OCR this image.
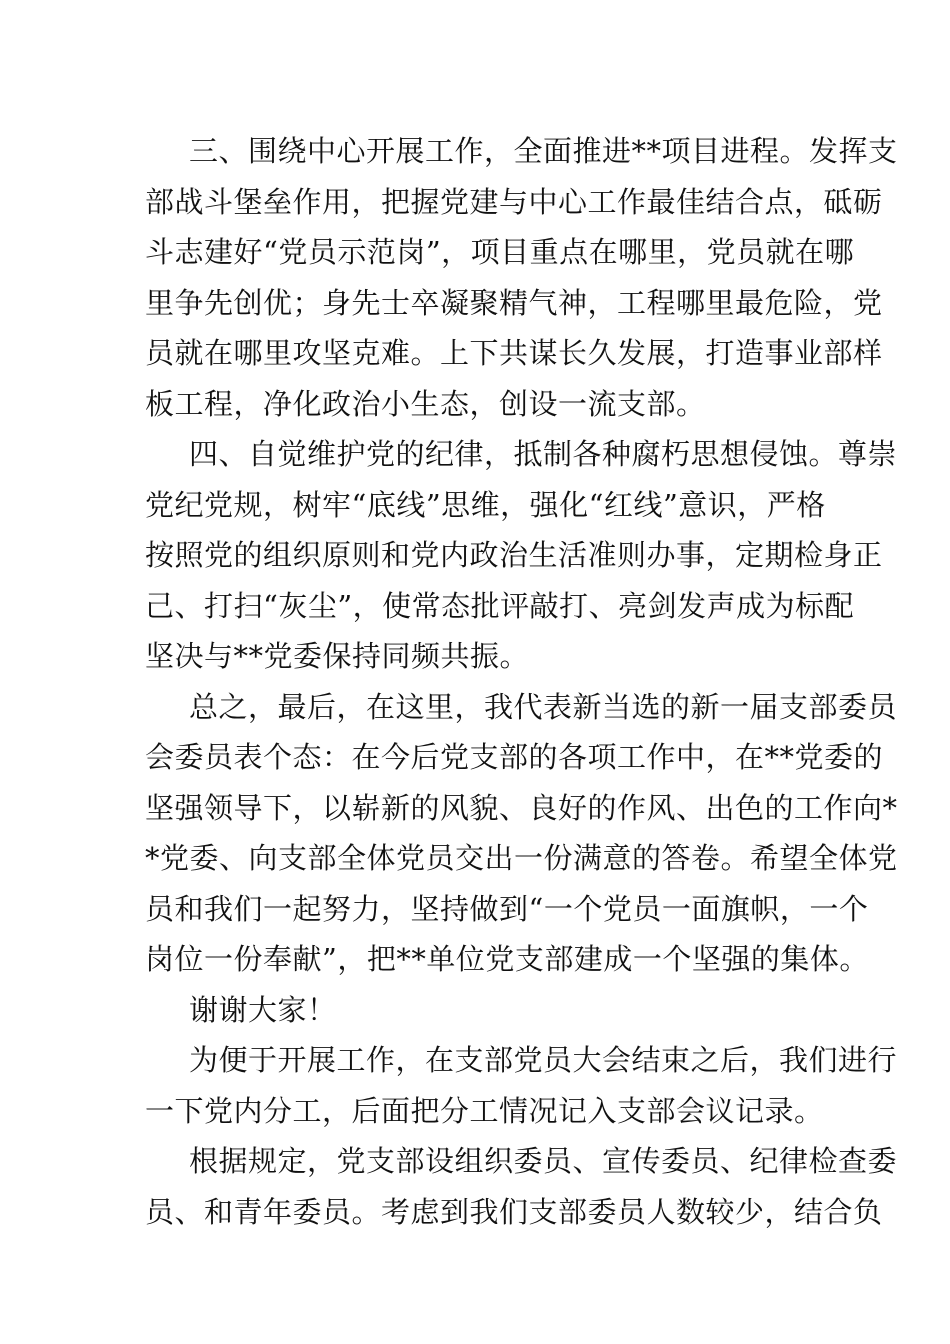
三、围绕中心开展工作，全面推进**项目进程。发挥支
部战斗堡垒作用，把握党建与中心工作最佳结合点，砥砺
斗志建好“党员示范岗”，项目重点在哪里，党员就在哪
里争先创优；身先士卒凝聚精气神，工程哪里最危险，党
员就在哪里攻坚克难。上下共谋长久发展，打造事业部样
板工程，净化政治小生态，创设一流支部。
四、自觉维护党的纪律，抵制各种腐朽思想侵蚀。尊崇
党纪党规，树牢“底线”思维，强化“红线”意识，严格
按照党的组织原则和党内政治生活准则办事，定期检身正
己、打扫“灰尘”，使常态批评敲打、亮剑发声成为标配
坚决与**党委保持同频共振。
总之，最后，在这里，我代表新当选的新一届支部委员
会委员表个态：在今后党支部的各项工作中，在**党委的
坚强领导下，以崭新的风貌、良好的作风、出色的工作向*
*党委、向支部全体党员交出一份满意的答卷。希望全体党
员和我们一起努力，坚持做到“一个党员一面旗帜，一个
岗位一份奉献”，把**单位党支部建成一个坚强的集体。
谢谢大家！
为便于开展工作，在支部党员大会结束之后，我们进行
一下党内分工，后面把分工情况记入支部会议记录。
根据规定，党支部设组织委员、宣传委员、纪律检查委
员、和青年委员。考虑到我们支部委员人数较少，结合负
